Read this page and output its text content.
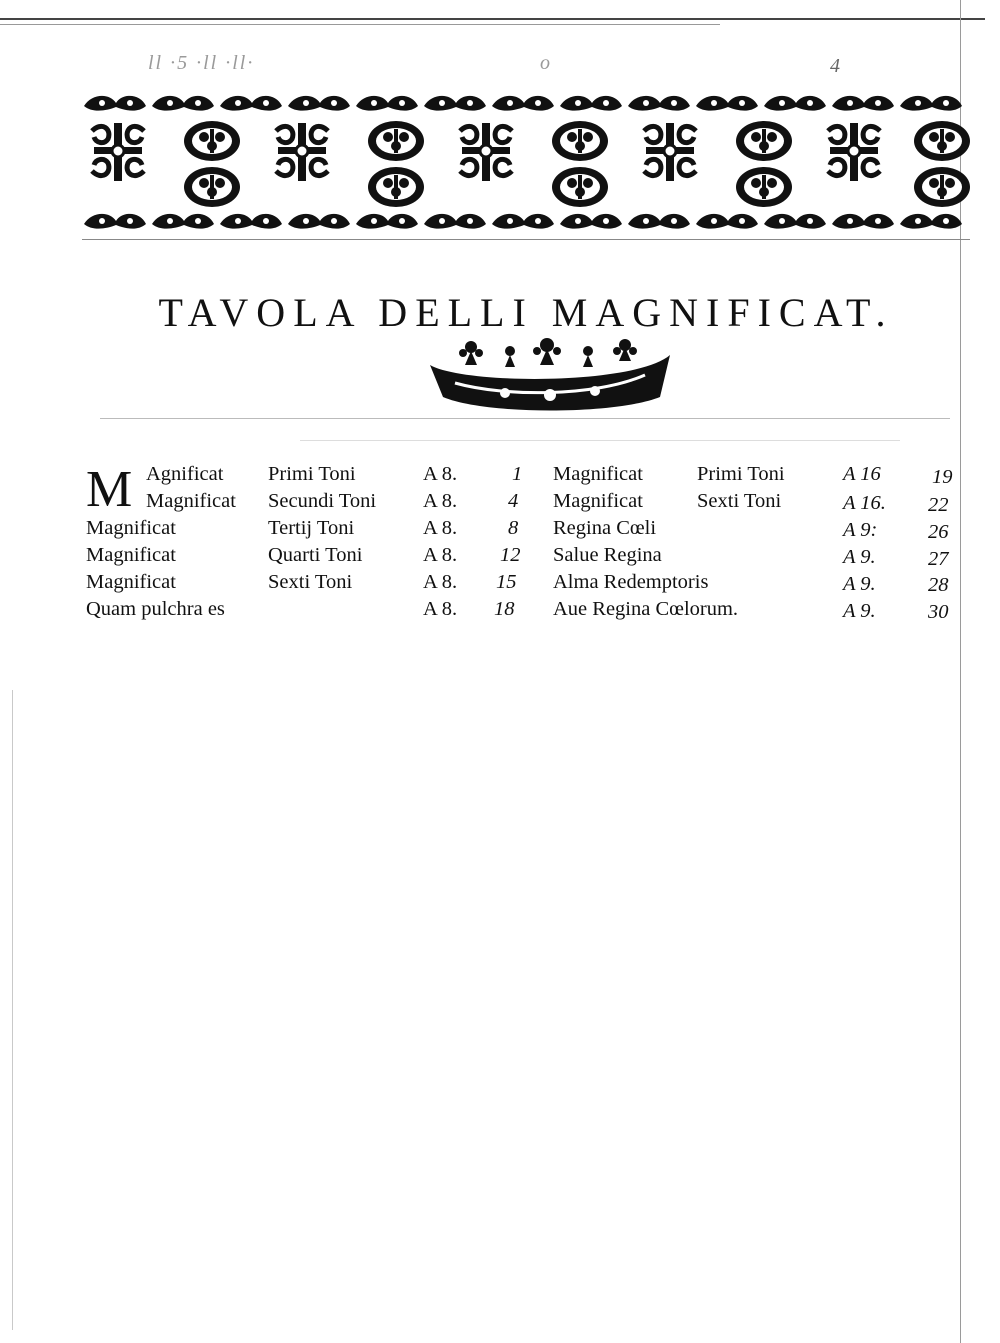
ll ·5 ·ll ·ll·	o	4
TAVOLA DELLI MAGNIFICAT.
M Agnificat Primi Toni	A 8.	1
Magnificat Secundi Toni A 8. 4
Magnificat	Tertij Toni	A 8. 8
Magnificat	Quarti Toni	A 8. 12
Magnificat	Sexti Toni	A 8. 15
Quam pulchra es	A 8. 18
Magnificat	Primi Toni	A 16 19
Magnificat	Sexti Toni	A 16. 22
Regina Cœli	A 9: 26
Salue Regina	A 9.	27
Alma Redemptoris	A 9.	28
Aue Regina Cœlorum.	A 9.	30
